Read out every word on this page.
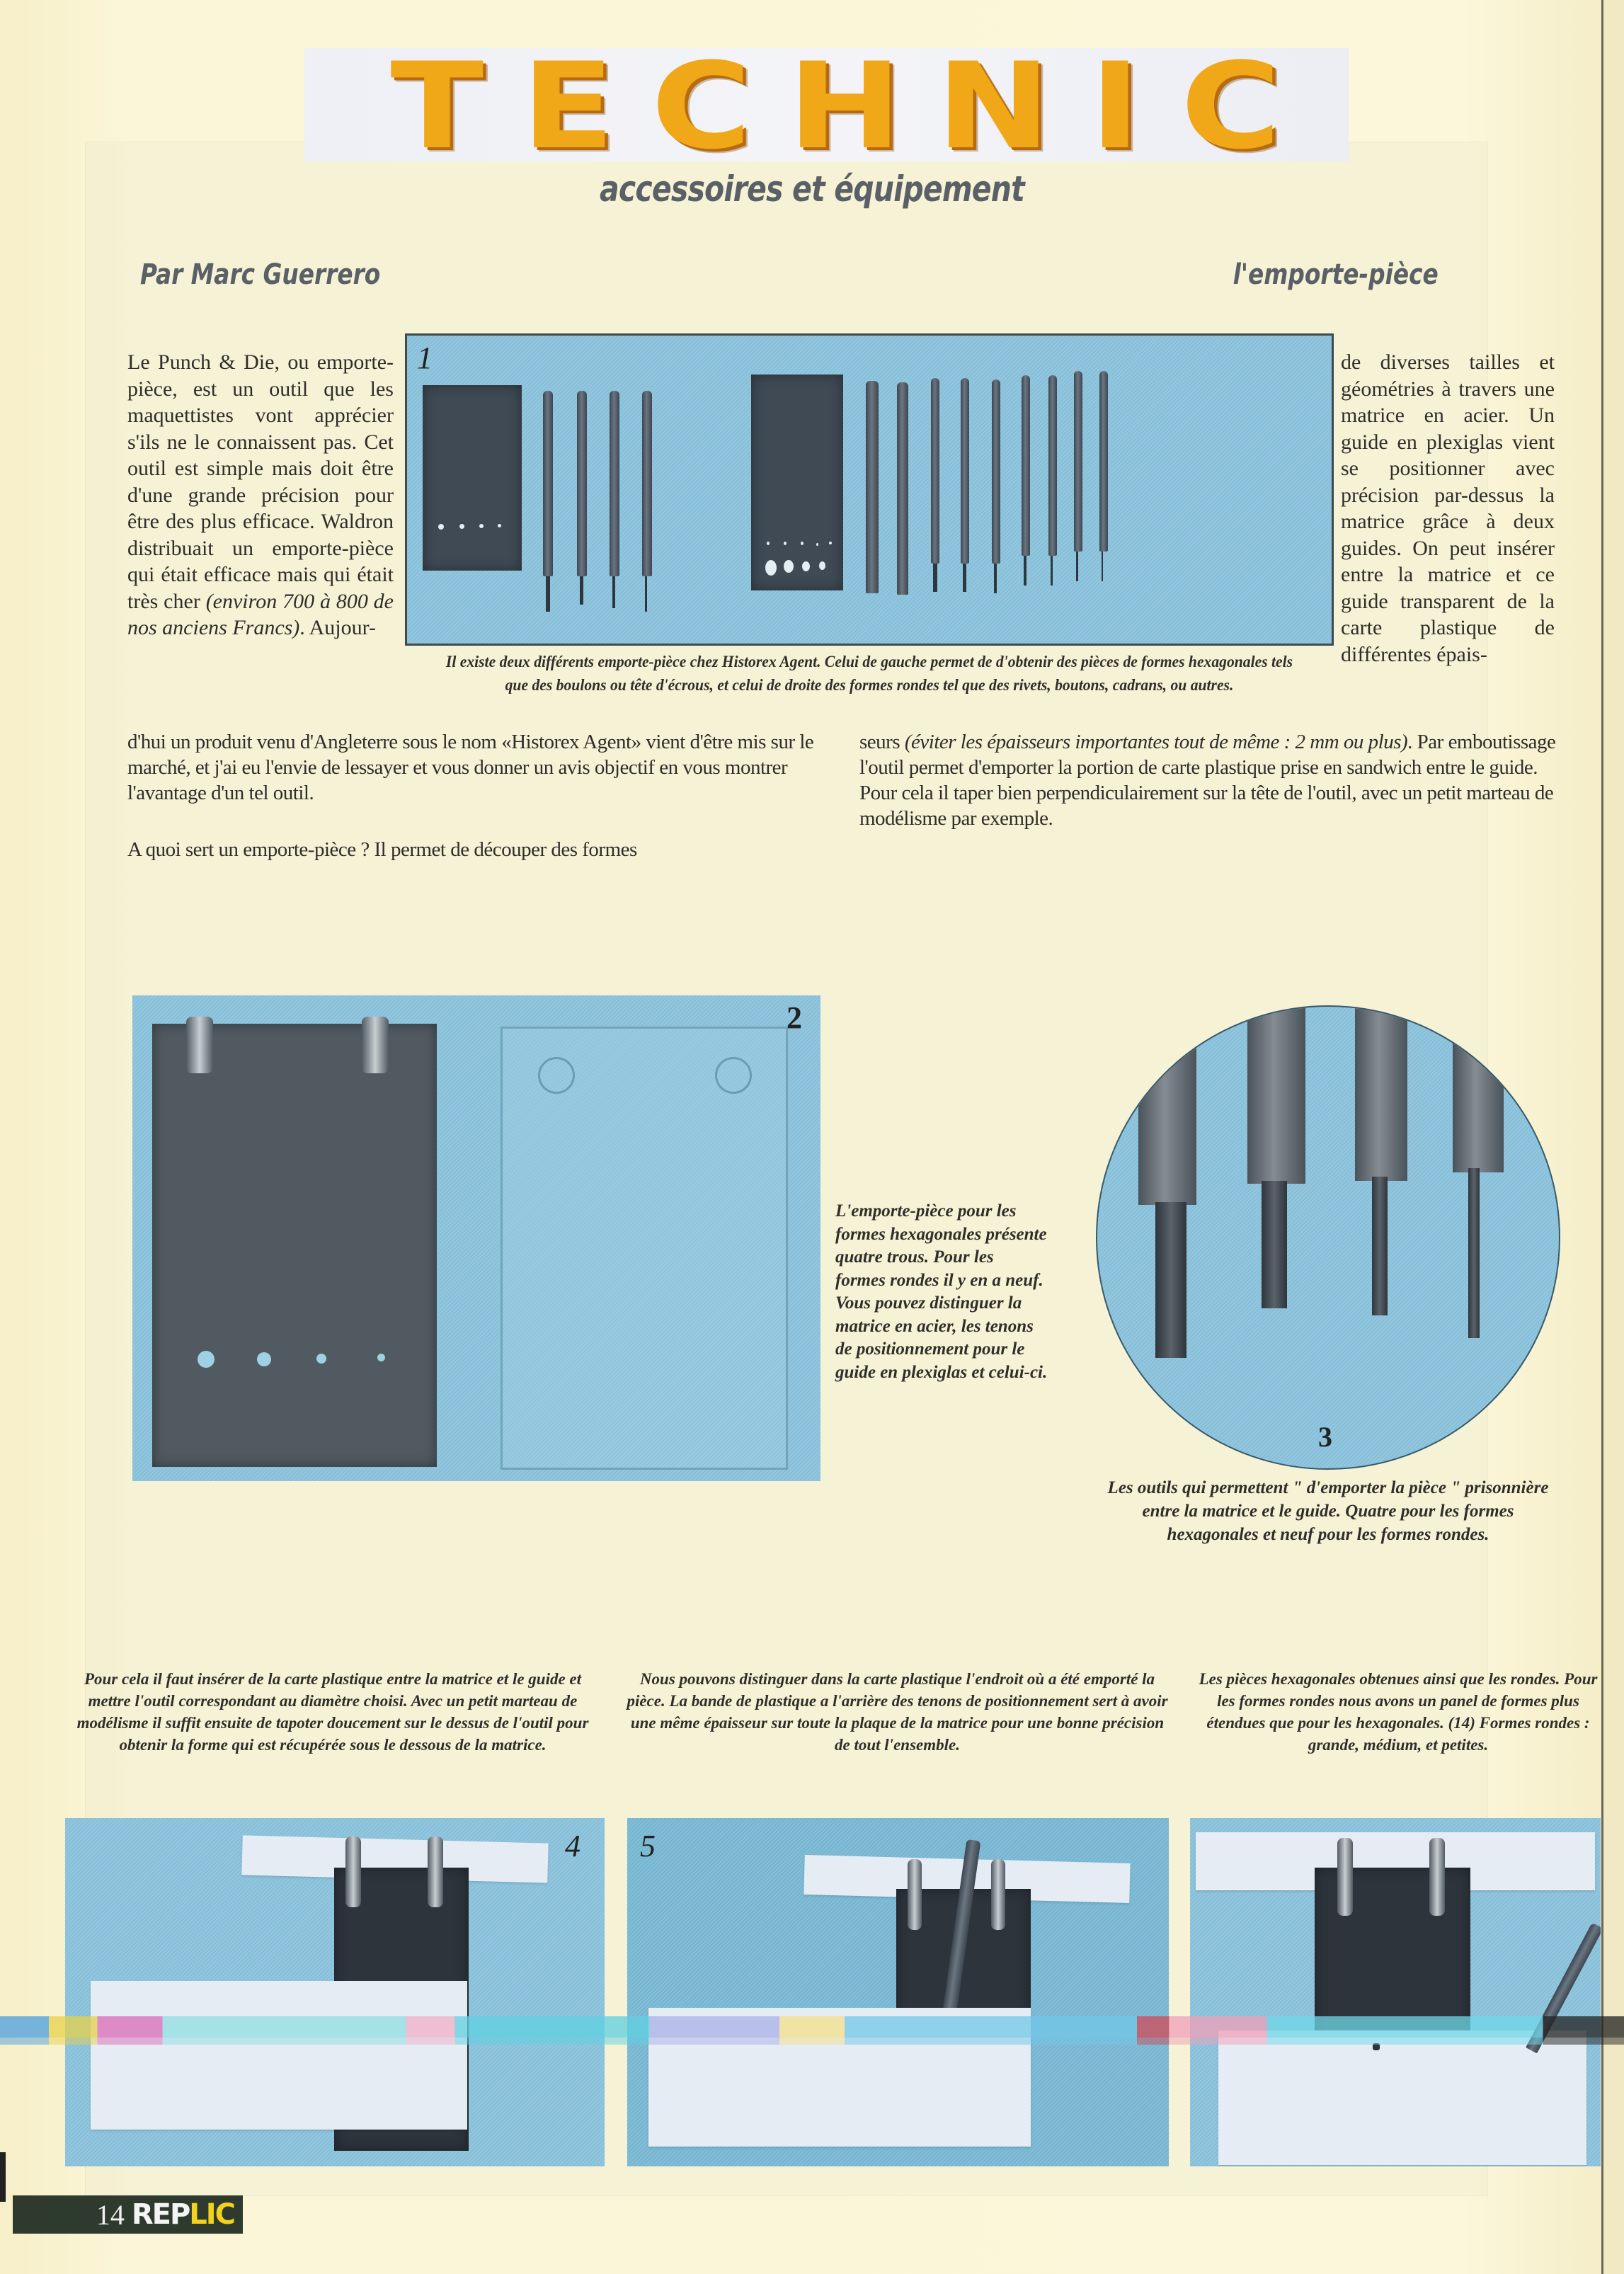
T E C H N I C
accessoires et équipement
Par Marc Guerrero	l'emporte-pièce
Le Punch & Die, ou emporte-pièce, est un outil que les maquettistes vont apprécier s'ils ne le connaissent pas. Cet outil est simple mais doit être d'une grande précision pour être des plus efficace. Waldron distribuait un emporte-pièce qui était efficace mais qui était très cher (environ 700 à 800 de nos anciens Francs). Aujour-
1
Il existe deux différents emporte-pièce chez Historex Agent. Celui de gauche permet de d'obtenir des pièces de formes hexagonales tels que des boulons ou tête d'écrous, et celui de droite des formes rondes tel que des rivets, boutons, cadrans, ou autres.
de diverses tailles et géométries à travers une matrice en acier. Un guide en plexiglas vient se positionner avec précision par-dessus la matrice grâce à deux guides. On peut insérer entre la matrice et ce guide transparent de la carte plastique de différentes épais-
d'hui un produit venu d'Angleterre sous le nom «Historex Agent» vient d'être mis sur le marché, et j'ai eu l'envie de lessayer et vous donner un avis objectif en vous montrer l'avantage d'un tel outil.
A quoi sert un emporte-pièce ? Il permet de découper des formes
seurs (éviter les épaisseurs importantes tout de même : 2 mm ou plus). Par emboutissage l'outil permet d'emporter la portion de carte plastique prise en sandwich entre le guide. Pour cela il taper bien perpendiculairement sur la tête de l'outil, avec un petit marteau de modélisme par exemple.
2
L'emporte-pièce pour les formes hexagonales présente quatre trous. Pour les formes rondes il y en a neuf. Vous pouvez distinguer la matrice en acier, les tenons de positionnement pour le guide en plexiglas et celui-ci.
3
Les outils qui permettent " d'emporter la pièce " prisonnière entre la matrice et le guide. Quatre pour les formes hexagonales et neuf pour les formes rondes.
Pour cela il faut insérer de la carte plastique entre la matrice et le guide et mettre l'outil correspondant au diamètre choisi. Avec un petit marteau de modélisme il suffit ensuite de tapoter doucement sur le dessus de l'outil pour obtenir la forme qui est récupérée sous le dessous de la matrice.
Nous pouvons distinguer dans la carte plastique l'endroit où a été emporté la pièce. La bande de plastique a l'arrière des tenons de positionnement sert à avoir une même épaisseur sur toute la plaque de la matrice pour une bonne précision de tout l'ensemble.
Les pièces hexagonales obtenues ainsi que les rondes. Pour les formes rondes nous avons un panel de formes plus étendues que pour les hexagonales. (14) Formes rondes : grande, médium, et petites.
4 5
14 REPLIC
